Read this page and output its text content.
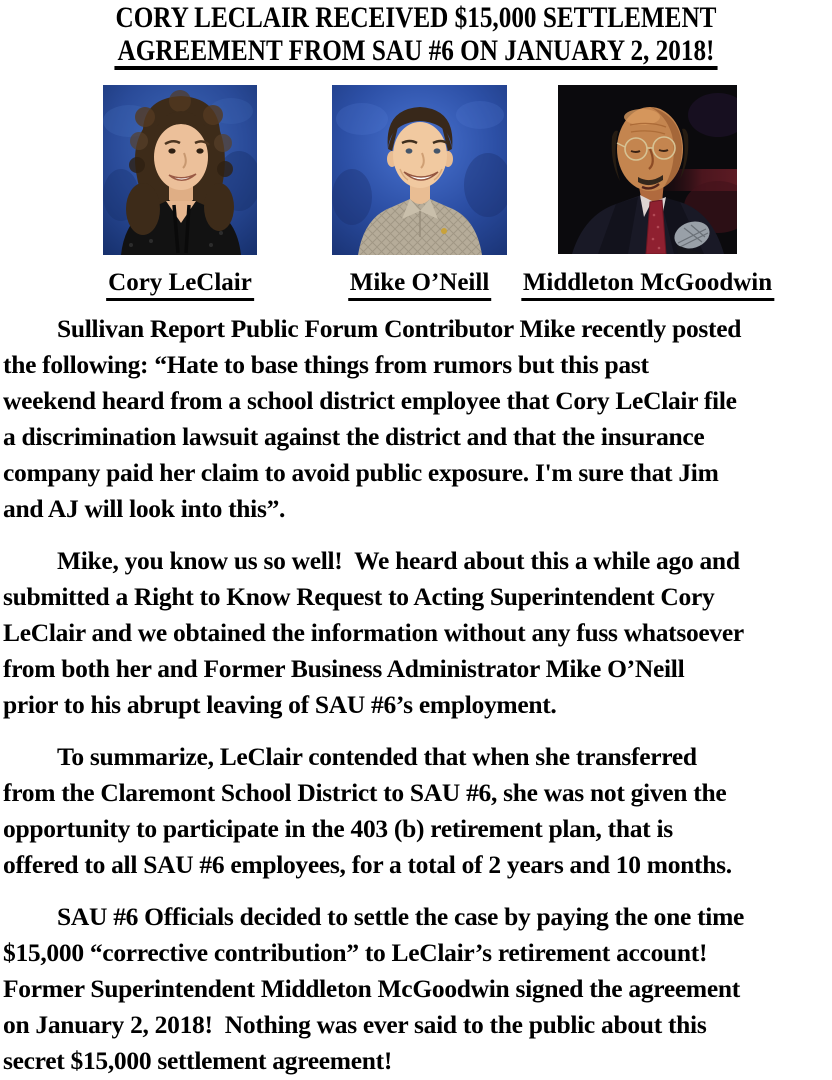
CORY LECLAIR RECEIVED $15,000 SETTLEMENT
AGREEMENT FROM SAU #6 ON JANUARY 2, 2018!
Cory LeClair	Mike O’Neill Middleton McGoodwin
Sullivan Report Public Forum Contributor Mike recently posted
the following: “Hate to base things from rumors but this past
weekend heard from a school district employee that Cory LeClair file
a discrimination lawsuit against the district and that the insurance
company paid her claim to avoid public exposure. I'm sure that Jim
and AJ will look into this”.
Mike, you know us so well!  We heard about this a while ago and
submitted a Right to Know Request to Acting Superintendent Cory
LeClair and we obtained the information without any fuss whatsoever
from both her and Former Business Administrator Mike O’Neill
prior to his abrupt leaving of SAU #6’s employment.
To summarize, LeClair contended that when she transferred
from the Claremont School District to SAU #6, she was not given the
opportunity to participate in the 403 (b) retirement plan, that is
offered to all SAU #6 employees, for a total of 2 years and 10 months.
SAU #6 Officials decided to settle the case by paying the one time
$15,000 “corrective contribution” to LeClair’s retirement account!
Former Superintendent Middleton McGoodwin signed the agreement
on January 2, 2018!  Nothing was ever said to the public about this
secret $15,000 settlement agreement!
